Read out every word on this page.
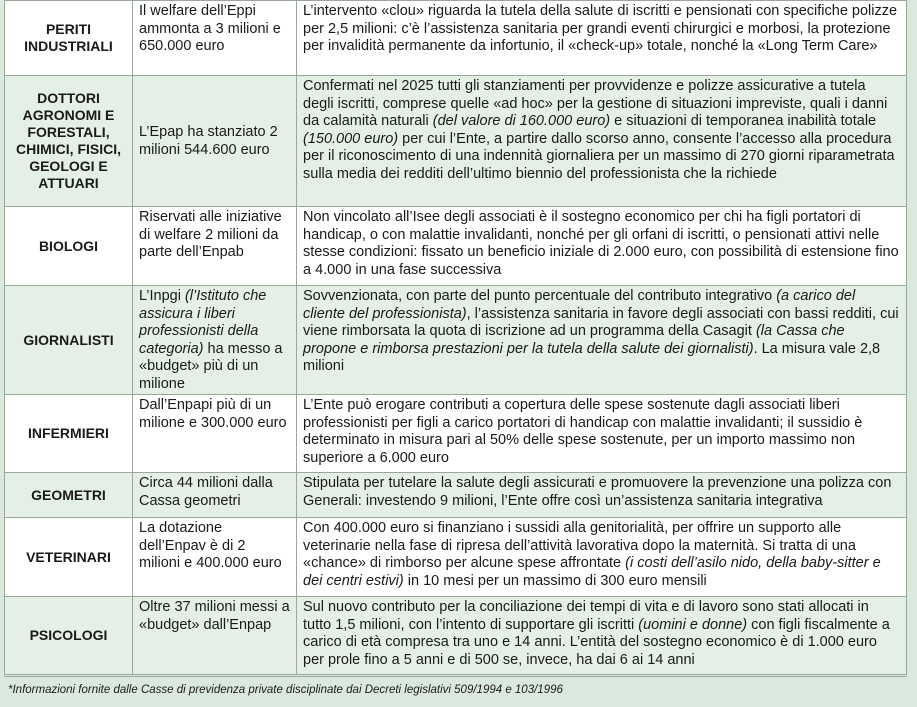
PERITI INDUSTRIALI	Il welfare dell’Eppi ammonta a 3 milioni e 650.000 euro	L’intervento «clou» riguarda la tutela della salute di iscritti e pensionati con specifiche polizze per 2,5 milioni: c’è l’assistenza sanitaria per grandi eventi chirurgici e morbosi, la protezione per invalidità permanente da infortunio, il «check-up» totale, nonché la «Long Term Care»
DOTTORI AGRONOMI E FORESTALI, CHIMICI, FISICI, GEOLOGI E ATTUARI	L’Epap ha stanziato 2 milioni 544.600 euro	Confermati nel 2025 tutti gli stanziamenti per provvidenze e polizze assicurative a tutela degli iscritti, comprese quelle «ad hoc» per la gestione di situazioni impreviste, quali i danni da calamità naturali (del valore di 160.000 euro) e situazioni di temporanea inabilità totale (150.000 euro) per cui l’Ente, a partire dallo scorso anno, consente l’accesso alla procedura per il riconoscimento di una indennità giornaliera per un massimo di 270 giorni riparametrata sulla media dei redditi dell’ultimo biennio del professionista che la richiede
BIOLOGI	Riservati alle iniziative di welfare 2 milioni da parte dell’Enpab	Non vincolato all’Isee degli associati è il sostegno economico per chi ha figli portatori di handicap, o con malattie invalidanti, nonché per gli orfani di iscritti, o pensionati attivi nelle stesse condizioni: fissato un beneficio iniziale di 2.000 euro, con possibilità di estensione fino a 4.000 in una fase successiva
GIORNALISTI	L’Inpgi (l’Istituto che assicura i liberi professionisti della categoria) ha messo a «budget» più di un milione	Sovvenzionata, con parte del punto percentuale del contributo integrativo (a carico del cliente del professionista), l’assistenza sanitaria in favore degli associati con bassi redditi, cui viene rimborsata la quota di iscrizione ad un programma della Casagit (la Cassa che propone e rimborsa prestazioni per la tutela della salute dei giornalisti). La misura vale 2,8 milioni
INFERMIERI	Dall’Enpapi più di un milione e 300.000 euro	L’Ente può erogare contributi a copertura delle spese sostenute dagli associati liberi professionisti per figli a carico portatori di handicap con malattie invalidanti; il sussidio è determinato in misura pari al 50% delle spese sostenute, per un importo massimo non superiore a 6.000 euro
GEOMETRI	Circa 44 milioni dalla Cassa geometri	Stipulata per tutelare la salute degli assicurati e promuovere la prevenzione una polizza con Generali: investendo 9 milioni, l’Ente offre così un’assistenza sanitaria integrativa
VETERINARI	La dotazione dell’Enpav è di 2 milioni e 400.000 euro	Con 400.000 euro si finanziano i sussidi alla genitorialità, per offrire un supporto alle veterinarie nella fase di ripresa dell’attività lavorativa dopo la maternità. Si tratta di una «chance» di rimborso per alcune spese affrontate (i costi dell’asilo nido, della baby-sitter e dei centri estivi) in 10 mesi per un massimo di 300 euro mensili
PSICOLOGI	Oltre 37 milioni messi a «budget» dall’Enpap	Sul nuovo contributo per la conciliazione dei tempi di vita e di lavoro sono stati allocati in tutto 1,5 milioni, con l’intento di supportare gli iscritti (uomini e donne) con figli fiscalmente a carico di età compresa tra uno e 14 anni. L’entità del sostegno economico è di 1.000 euro per prole fino a 5 anni e di 500 se, invece, ha dai 6 ai 14 anni
*Informazioni fornite dalle Casse di previdenza private disciplinate dai Decreti legislativi 509/1994 e 103/1996
